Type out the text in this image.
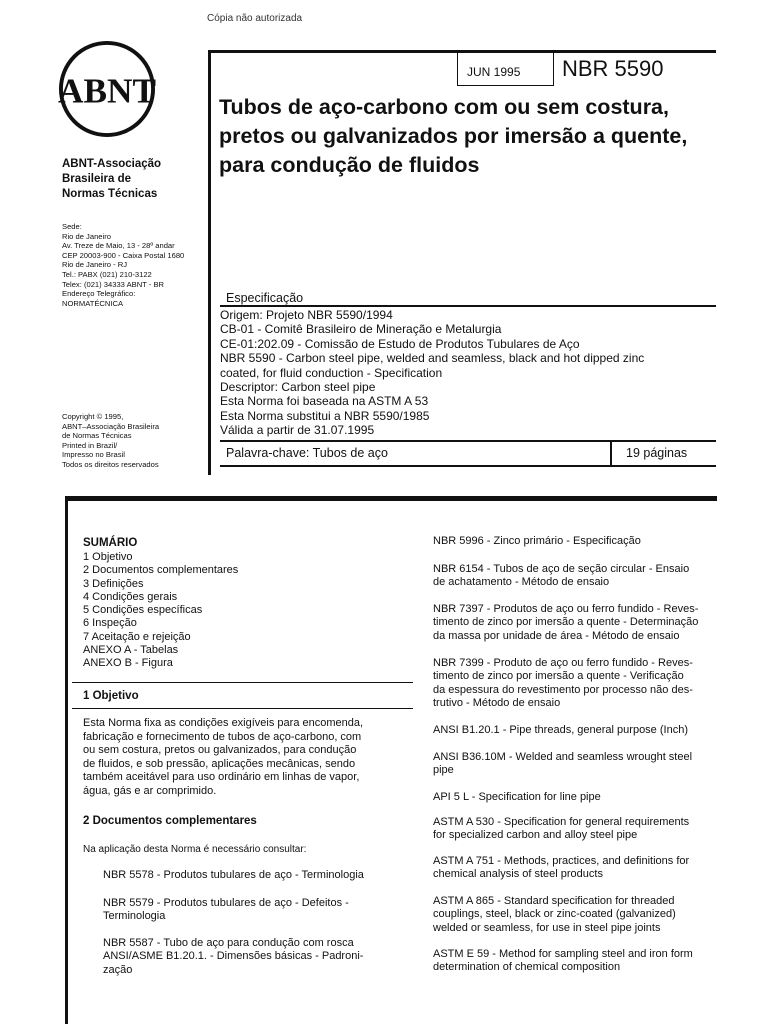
Cópia não autorizada
ABNT
ABNT-Associação
Brasileira de
Normas Técnicas
Sede:
Rio de Janeiro
Av. Treze de Maio, 13 - 28º andar
CEP 20003-900 - Caixa Postal 1680
Rio de Janeiro - RJ
Tel.: PABX (021) 210-3122
Telex: (021) 34333 ABNT - BR
Endereço Telegráfico:
NORMATÉCNICA
Copyright © 1995,
ABNT–Associação Brasileira
de Normas Técnicas
Printed in Brazil/
Impresso no Brasil
Todos os direitos reservados
JUN 1995 NBR 5590
Tubos de aço-carbono com ou sem costura, pretos ou galvanizados por imersão a quente, para condução de fluidos
Especificação
Origem: Projeto NBR 5590/1994
CB-01 - Comitê Brasileiro de Mineração e Metalurgia
CE-01:202.09 - Comissão de Estudo de Produtos Tubulares de Aço
NBR 5590 - Carbon steel pipe, welded and seamless, black and hot dipped zinc
coated, for fluid conduction - Specification
Descriptor: Carbon steel pipe
Esta Norma foi baseada na ASTM A 53
Esta Norma substitui a NBR 5590/1985
Válida a partir de 31.07.1995
Palavra-chave: Tubos de aço	19 páginas
SUMÁRIO
1 Objetivo
2 Documentos complementares
3 Definições
4 Condições gerais
5 Condições específicas
6 Inspeção
7 Aceitação e rejeição
ANEXO A - Tabelas
ANEXO B - Figura
1 Objetivo
Esta Norma fixa as condições exigíveis para encomenda,
fabricação e fornecimento de tubos de aço-carbono, com
ou sem costura, pretos ou galvanizados, para condução
de fluidos, e sob pressão, aplicações mecânicas, sendo
também aceitável para uso ordinário em linhas de vapor,
água, gás e ar comprimido.
2 Documentos complementares
Na aplicação desta Norma é necessário consultar:
NBR 5578 - Produtos tubulares de aço - Terminologia
NBR 5579 - Produtos tubulares de aço - Defeitos -
Terminologia
NBR 5587 - Tubo de aço para condução com rosca
ANSI/ASME B1.20.1. - Dimensões básicas - Padroni-
zação
NBR 5996 - Zinco primário - Especificação
NBR 6154 - Tubos de aço de seção circular - Ensaio
de achatamento - Método de ensaio
NBR 7397 - Produtos de aço ou ferro fundido - Reves-
timento de zinco por imersão a quente - Determinação
da massa por unidade de área - Método de ensaio
NBR 7399 - Produto de aço ou ferro fundido - Reves-
timento de zinco por imersão a quente - Verificação
da espessura do revestimento por processo não des-
trutivo - Método de ensaio
ANSI B1.20.1 - Pipe threads, general purpose (Inch)
ANSI B36.10M - Welded and seamless wrought steel
pipe
API 5 L - Specification for line pipe
ASTM A 530 - Specification for general requirements
for specialized carbon and alloy steel pipe
ASTM A 751 - Methods, practices, and definitions for
chemical analysis of steel products
ASTM A 865 - Standard specification for threaded
couplings, steel, black or zinc-coated (galvanized)
welded or seamless, for use in steel pipe joints
ASTM E 59 - Method for sampling steel and iron form
determination of chemical composition
